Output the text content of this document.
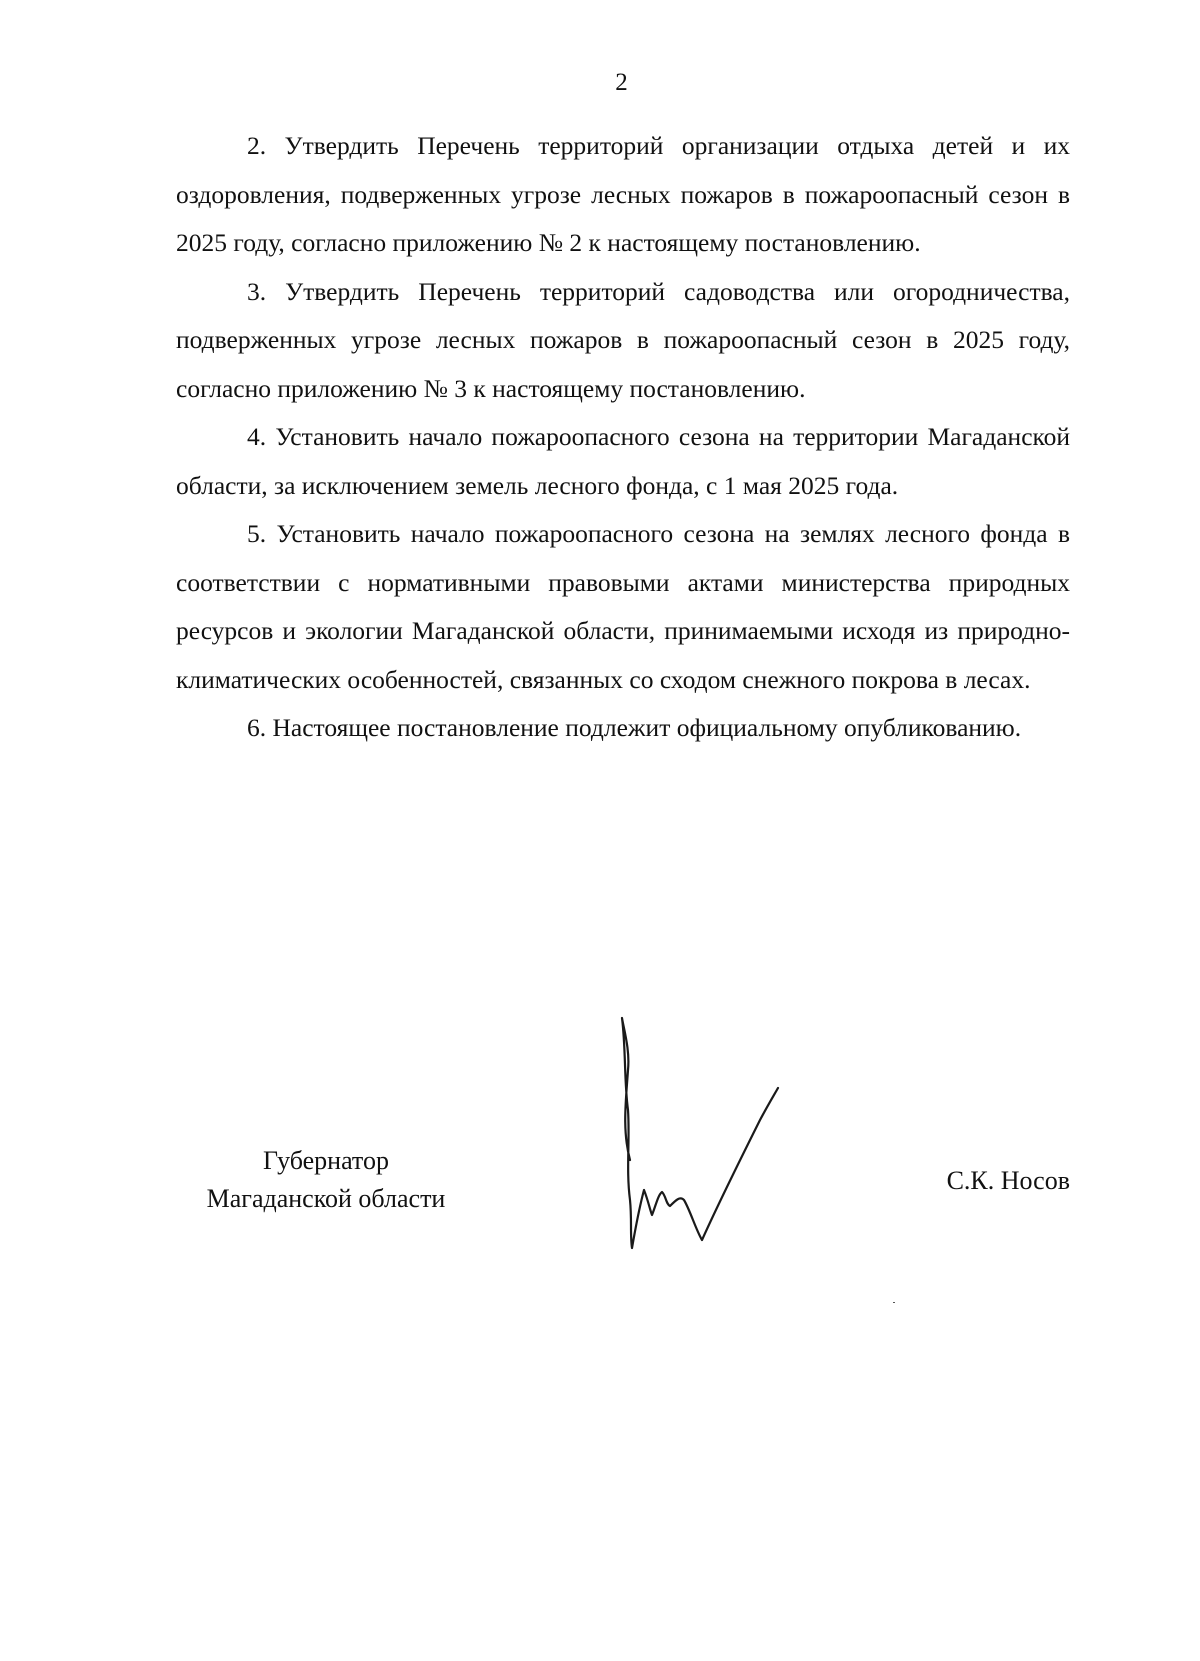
2

2. Утвердить Перечень территорий организации отдыха детей и их оздоровления, подверженных угрозе лесных пожаров в пожароопасный сезон в 2025 году, согласно приложению № 2 к настоящему постановлению.

3. Утвердить Перечень территорий садоводства или огородничества, подверженных угрозе лесных пожаров в пожароопасный сезон в 2025 году, согласно приложению № 3 к настоящему постановлению.

4. Установить начало пожароопасного сезона на территории Магаданской области, за исключением земель лесного фонда, с 1 мая 2025 года.

5. Установить начало пожароопасного сезона на землях лесного фонда в соответствии с нормативными правовыми актами министерства природных ресурсов и экологии Магаданской области, принимаемыми исходя из природно-климатических особенностей, связанных со сходом снежного покрова в лесах.

6. Настоящее постановление подлежит официальному опубликованию.

Губернатор
Магаданской области
С.К. Носов
